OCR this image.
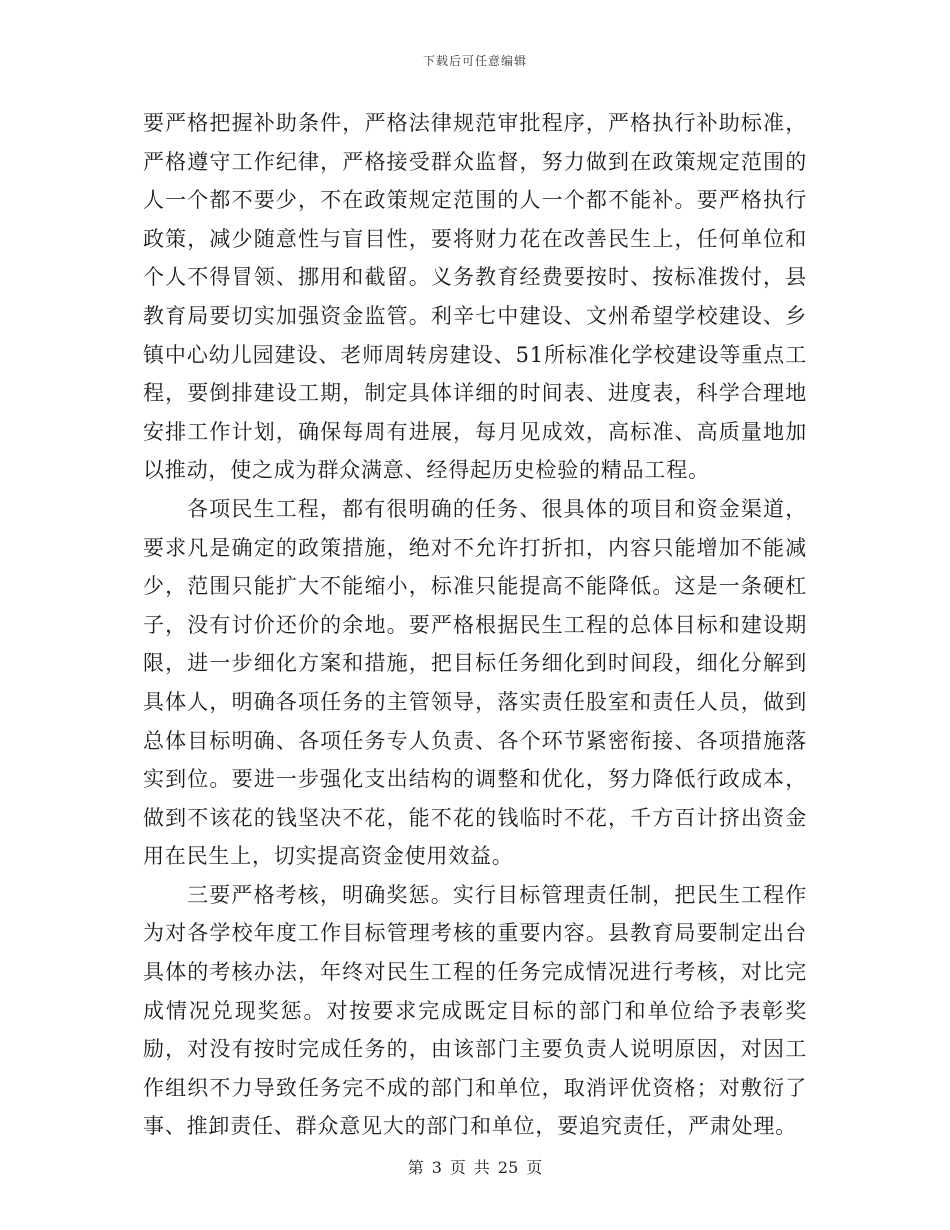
下载后可任意编辑

要严格把握补助条件，严格法律规范审批程序，严格执行补助标准，严格遵守工作纪律，严格接受群众监督，努力做到在政策规定范围的人一个都不要少，不在政策规定范围的人一个都不能补。要严格执行政策，减少随意性与盲目性，要将财力花在改善民生上，任何单位和个人不得冒领、挪用和截留。义务教育经费要按时、按标准拨付，县教育局要切实加强资金监管。利辛七中建设、文州希望学校建设、乡镇中心幼儿园建设、老师周转房建设、51所标准化学校建设等重点工程，要倒排建设工期，制定具体详细的时间表、进度表，科学合理地安排工作计划，确保每周有进展，每月见成效，高标准、高质量地加以推动，使之成为群众满意、经得起历史检验的精品工程。

各项民生工程，都有很明确的任务、很具体的项目和资金渠道，要求凡是确定的政策措施，绝对不允许打折扣，内容只能增加不能减少，范围只能扩大不能缩小，标准只能提高不能降低。这是一条硬杠子，没有讨价还价的余地。要严格根据民生工程的总体目标和建设期限，进一步细化方案和措施，把目标任务细化到时间段，细化分解到具体人，明确各项任务的主管领导，落实责任股室和责任人员，做到总体目标明确、各项任务专人负责、各个环节紧密衔接、各项措施落实到位。要进一步强化支出结构的调整和优化，努力降低行政成本，做到不该花的钱坚决不花，能不花的钱临时不花，千方百计挤出资金用在民生上，切实提高资金使用效益。

三要严格考核，明确奖惩。实行目标管理责任制，把民生工程作为对各学校年度工作目标管理考核的重要内容。县教育局要制定出台具体的考核办法，年终对民生工程的任务完成情况进行考核，对比完成情况兑现奖惩。对按要求完成既定目标的部门和单位给予表彰奖励，对没有按时完成任务的，由该部门主要负责人说明原因，对因工作组织不力导致任务完不成的部门和单位，取消评优资格；对敷衍了事、推卸责任、群众意见大的部门和单位，要追究责任，严肃处理。

第 3 页 共 25 页
